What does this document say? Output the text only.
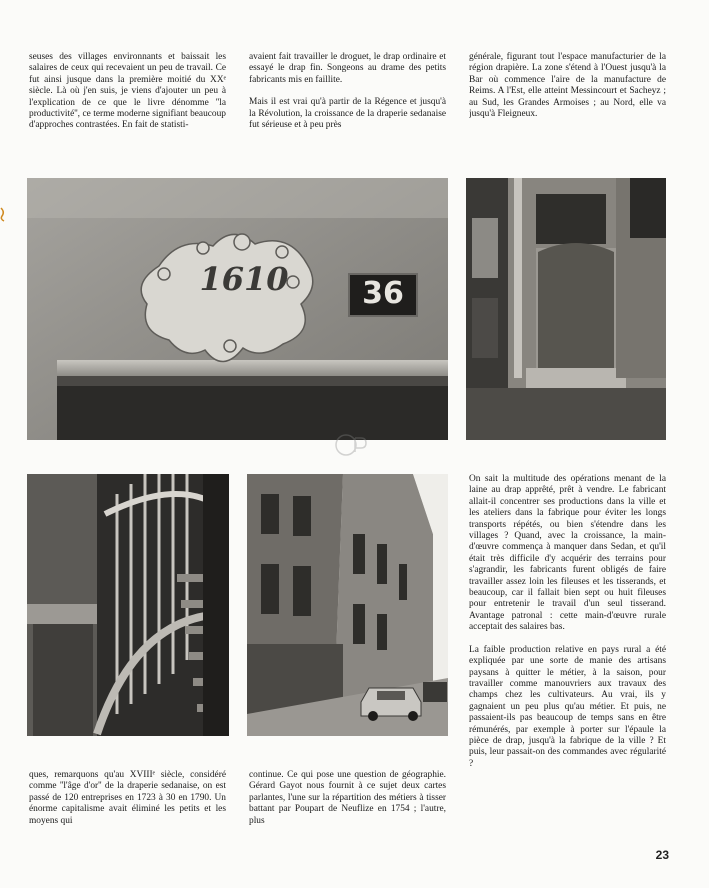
seuses des villages environnants et baissait les salaires de ceux qui recevaient un peu de travail. Ce fut ainsi jusque dans la première moitié du XXᵉ siècle. Là où j'en suis, je viens d'ajouter un peu à l'explication de ce que le livre dénomme ''la productivité'', ce terme moderne signifiant beaucoup d'approches contrastées. En fait de statisti-

avaient fait travailler le droguet, le drap ordinaire et essayé le drap fin. Songeons au drame des petits fabricants mis en faillite.

Mais il est vrai qu'à partir de la Régence et jusqu'à la Révolution, la croissance de la draperie sedanaise fut sérieuse et à peu près

générale, figurant tout l'espace manufacturier de la région drapière. La zone s'étend à l'Ouest jusqu'à la Bar où commence l'aire de la manufacture de Reims. A l'Est, elle atteint Messincourt et Sacheyz ; au Sud, les Grandes Armoises ; au Nord, elle va jusqu'à Fleigneux.

1610	36

On sait la multitude des opérations menant de la laine au drap apprêté, prêt à vendre. Le fabricant allait-il concentrer ses productions dans la ville et les ateliers dans la fabrique pour éviter les longs transports répétés, ou bien s'étendre dans les villages ? Quand, avec la croissance, la main-d'œuvre commença à manquer dans Sedan, et qu'il était très difficile d'y acquérir des terrains pour s'agrandir, les fabricants furent obligés de faire travailler assez loin les fileuses et les tisserands, et beaucoup, car il fallait bien sept ou huit fileuses pour entretenir le travail d'un seul tisserand. Avantage patronal : cette main-d'œuvre rurale acceptait des salaires bas.

La faible production relative en pays rural a été expliquée par une sorte de manie des artisans paysans à quitter le métier, à la saison, pour travailler comme manouvriers aux travaux des champs chez les cultivateurs. Au vrai, ils y gagnaient un peu plus qu'au métier. Et puis, ne passaient-ils pas beaucoup de temps sans en être rémunérés, par exemple à porter sur l'épaule la pièce de drap, jusqu'à la fabrique de la ville ? Et puis, leur passait-on des commandes avec régularité ?

ques, remarquons qu'au XVIIIᵉ siècle, considéré comme ''l'âge d'or'' de la draperie sedanaise, on est passé de 120 entreprises en 1723 à 30 en 1790. Un énorme capitalisme avait éliminé les petits et les moyens qui

continue. Ce qui pose une question de géographie. Gérard Gayot nous fournit à ce sujet deux cartes parlantes, l'une sur la répartition des métiers à tisser battant par Poupart de Neuflize en 1754 ; l'autre, plus

23
